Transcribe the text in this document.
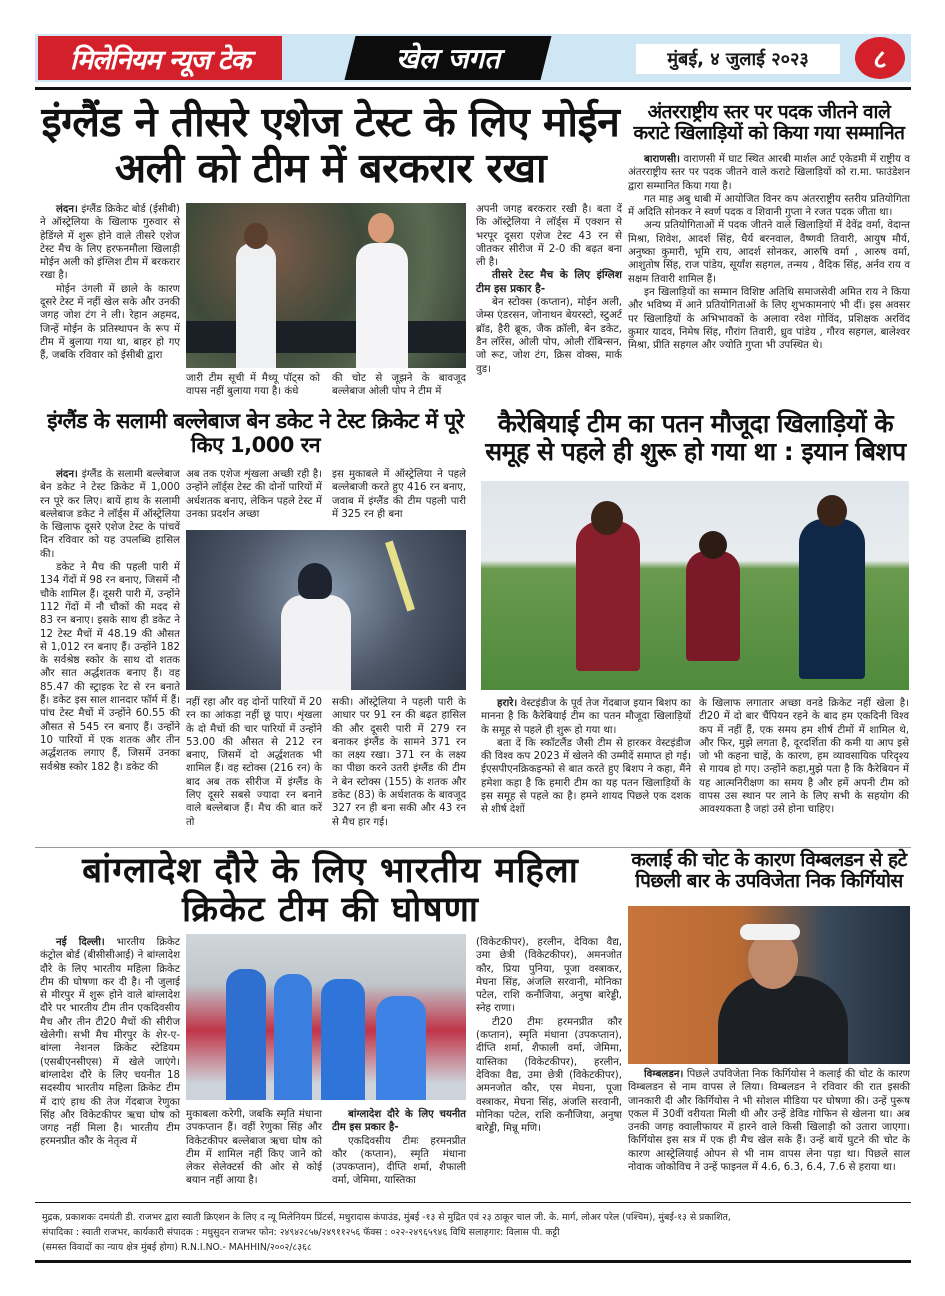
मिलेनियम न्यूज टेक	खेल जगत	मुंबई, ४ जुलाई २०२३	८
इंग्लैंड ने तीसरे एशेज टेस्ट के लिए मोईन अली को टीम में बरकरार रखा

लंदन। इंग्लैंड क्रिकेट बोर्ड (ईसीबी) ने ऑस्ट्रेलिया के खिलाफ गुरुवार से हेडिंग्ले में शुरू होने वाले तीसरे एशेज टेस्ट मैच के लिए हरफनमौला खिलाड़ी मोईन अली को इंग्लिश टीम में बरकरार रखा है।

मोईन उंगली में छाले के कारण दूसरे टेस्ट में नहीं खेल सके और उनकी जगह जोश टंग ने ली। रेहान अहमद, जिन्हें मोईन के प्रतिस्थापन के रूप में टीम में बुलाया गया था, बाहर हो गए हैं, जबकि रविवार को ईसीबी द्वारा

जारी टीम सूची में मैथ्यू पॉट्स को वापस नहीं बुलाया गया है। कंधे
की चोट से जूझने के बावजूद बल्लेबाज ओली पोप ने टीम में

अपनी जगह बरकरार रखी है। बता दें कि ऑस्ट्रेलिया ने लॉर्ड्स में एक्शन से भरपूर दूसरा एशेज टेस्ट 43 रन से जीतकर सीरीज में 2-0 की बढ़त बना ली है।

तीसरे टेस्ट मैच के लिए इंग्लिश टीम इस प्रकार है-

बेन स्टोक्स (कप्तान), मोईन अली, जेम्स एंडरसन, जोनाथन बेयरस्टो, स्टुअर्ट ब्रॉड, हैरी ब्रूक, जैक क्रॉली, बेन डकेट, डैन लॉरेंस, ओली पोप, ओली रॉबिन्सन, जो रूट, जोश टंग, क्रिस वोक्स, मार्क वुड।

अंतरराष्ट्रीय स्तर पर पदक जीतने वाले कराटे खिलाड़ियों को किया गया सम्मानित

बाराणसी। वाराणसी में घाट स्थित आरबी मार्शल आर्ट एकेडमी में राष्ट्रीय व अंतरराष्ट्रीय स्तर पर पदक जीतने वाले कराटे खिलाड़ियों को रा.मा. फाउंडेशन द्वारा सम्मानित किया गया है।

गत माह अबु धाबी में आयोजित विनर कप अंतरराष्ट्रीय स्तरीय प्रतियोगिता में अदिति सोनकर ने स्वर्ण पदक व शिवानी गुप्ता ने रजत पदक जीता था।

अन्य प्रतियोगिताओं में पदक जीतने वाले खिलाड़ियों में देवेंद्र वर्मा, वेदान्त मिश्रा, शिवेश, आदर्श सिंह, धैर्य बरनवाल, वैष्णवी तिवारी, आयुष मौर्य, अनुष्का कुमारी, भूमि राय, आदर्श सोनकर, आरुषि वर्मा , आरुष वर्मा, आशुतोष सिंह, राज पांडेय, सूर्यांश सहगल, तन्मय , वैदिक सिंह, अर्नव राय व सक्षम तिवारी शामिल हैं।

इन खिलाड़ियों का सम्मान विशिष्ट अतिथि समाजसेवी अमित राय ने किया और भविष्य में आने प्रतियोगिताओं के लिए शुभकामनाएं भी दीं। इस अवसर पर खिलाड़ियों के अभिभावकों के अलावा रवेश गोविंद, प्रशिक्षक अरविंद कुमार यादव, निमेष सिंह, गौरांग तिवारी, ध्रुव पांडेय , गौरव सहगल, बालेश्वर मिश्रा, प्रीति सहगल और ज्योति गुप्ता भी उपस्थित थे।

इंग्लैंड के सलामी बल्लेबाज बेन डकेट ने टेस्ट क्रिकेट में पूरे किए 1,000 रन

लंदन। इंग्लैंड के सलामी बल्लेबाज बेन डकेट ने टेस्ट क्रिकेट में 1,000 रन पूरे कर लिए। बायें हाथ के सलामी बल्लेबाज डकेट ने लॉर्ड्स में ऑस्ट्रेलिया के खिलाफ दूसरे एशेज टेस्ट के पांचवें दिन रविवार को यह उपलब्धि हासिल की।

डकेट ने मैच की पहली पारी में 134 गेंदों में 98 रन बनाए, जिसमें नौ चौके शामिल हैं। दूसरी पारी में, उन्होंने 112 गेंदों में नौ चौकों की मदद से 83 रन बनाए। इसके साथ ही डकेट ने 12 टेस्ट मैचों में 48.19 की औसत से 1,012 रन बनाए हैं। उन्होंने 182 के सर्वश्रेष्ठ स्कोर के साथ दो शतक और सात अर्द्धशतक बनाए हैं। वह 85.47 की स्ट्राइक रेट से रन बनाते हैं। डकेट इस साल शानदार फॉर्म में हैं। पांच टेस्ट मैचों में उन्होंने 60.55 की औसत से 545 रन बनाए हैं। उन्होंने 10 पारियों में एक शतक और तीन अर्द्धशतक लगाए हैं, जिसमें उनका सर्वश्रेष्ठ स्कोर 182 है। डकेट की

अब तक एशेज शृंखला अच्छी रही है। उन्होंने लॉर्ड्स टेस्ट की दोनों पारियों में अर्धशतक बनाए, लेकिन पहले टेस्ट में उनका प्रदर्शन अच्छा
इस मुकाबले में ऑस्ट्रेलिया ने पहले बल्लेबाजी करते हुए 416 रन बनाए, जवाब में इंग्लैंड की टीम पहली पारी में 325 रन ही बना
नहीं रहा और वह दोनों पारियों में 20 रन का आंकड़ा नहीं छू पाए। शृंखला के दो मैचों की चार पारियों में उन्होंने 53.00 की औसत से 212 रन बनाए, जिसमें दो अर्द्धशतक भी शामिल हैं। वह स्टोक्स (216 रन) के बाद अब तक सीरीज में इंग्लैंड के लिए दूसरे सबसे ज्यादा रन बनाने वाले बल्लेबाज हैं। मैच की बात करें तो
सकी। ऑस्ट्रेलिया ने पहली पारी के आधार पर 91 रन की बढ़त हासिल की और दूसरी पारी में 279 रन बनाकर इंग्लैंड के सामने 371 रन का लक्ष्य रखा। 371 रन के लक्ष्य का पीछा करने उतरी इंग्लैंड की टीम ने बेन स्टोक्स (155) के शतक और डकेट (83) के अर्धशतक के बावजूद 327 रन ही बना सकी और 43 रन से मैच हार गई।
कैरेबियाई टीम का पतन मौजूदा खिलाड़ियों के समूह से पहले ही शुरू हो गया था : इयान बिशप

हरारे। वेस्टइंडीज के पूर्व तेज गेंदबाज इयान बिशप का मानना है कि कैरेबियाई टीम का पतन मौजूदा खिलाड़ियों के समूह से पहले ही शुरू हो गया था।

बता दें कि स्कॉटलैंड जैसी टीम से हारकर वेस्टइंडीज की विश्व कप 2023 में खेलने की उम्मीदें समाप्त हो गई। ईएसपीएनक्रिकइन्फो से बात करते हुए बिशप ने कहा, मैंने हमेशा कहा है कि हमारी टीम का यह पतन खिलाड़ियों के इस समूह से पहले का है। हमने शायद पिछले एक दशक से शीर्ष देशों

के खिलाफ लगातार अच्छा वनडे क्रिकेट नहीं खेला है। टी20 में दो बार चैंपियन रहने के बाद हम एकदिनी विश्व कप में नहीं हैं, एक समय हम शीर्ष टीमों में शामिल थे, और फिर, मुझे लगता है, दूरदर्शिता की कमी या आप इसे जो भी कहना चाहें, के कारण, हम व्यावसायिक परिदृश्य से गायब हो गए। उन्होंने कहा,मुझे पता है कि कैरेबियन में यह आत्मनिरीक्षण का समय है और हमें अपनी टीम को वापस उस स्थान पर लाने के लिए सभी के सहयोग की आवश्यकता है जहां उसे होना चाहिए।
बांग्लादेश दौरे के लिए भारतीय महिला क्रिकेट टीम की घोषणा

नई दिल्ली। भारतीय क्रिकेट कंट्रोल बोर्ड (बीसीसीआई) ने बांग्लादेश दौरे के लिए भारतीय महिला क्रिकेट टीम की घोषणा कर दी है। नौ जुलाई से मीरपुर में शुरू होने वाले बांग्लादेश दौरे पर भारतीय टीम तीन एकदिवसीय मैच और तीन टी20 मैचों की सीरीज खेलेगी। सभी मैच मीरपुर के शेर-ए-बांग्ला नेशनल क्रिकेट स्टेडियम (एसबीएनसीएस) में खेले जाएंगे। बांग्लादेश दौरे के लिए चयनीत 18 सदस्यीय भारतीय महिला क्रिकेट टीम में दाएं हाथ की तेज गेंदबाज रेणुका सिंह और विकेटकीपर ऋचा घोष को जगह नहीं मिला है। भारतीय टीम हरमनप्रीत कौर के नेतृत्व में

मुकाबला करेगी, जबकि स्मृति मंधाना उपकप्तान हैं। वहीं रेणुका सिंह और विकेटकीपर बल्लेबाज ऋचा घोष को टीम में शामिल नहीं किए जाने को लेकर सेलेक्टर्स की ओर से कोई बयान नहीं आया है।

बांग्लादेश दौरे के लिए चयनीत टीम इस प्रकार है-

एकदिवसीय टीमः हरमनप्रीत कौर (कप्तान), स्मृति मंधाना (उपकप्तान), दीप्ति शर्मा, शैफाली वर्मा, जेमिमा, यास्तिका

(विकेटकीपर), हरलीन, देविका वैद्य, उमा छेत्री (विकेटकीपर), अमनजोत कौर, प्रिया पुनिया, पूजा वस्त्राकर, मेघना सिंह, अंजलि सरवानी, मोनिका पटेल, राशि कनौजिया, अनुषा बारेड्डी, स्नेह राणा।

टी20 टीमः हरमनप्रीत कौर (कप्तान), स्मृति मंधाना (उपकप्तान), दीप्ति शर्मा, शैफाली वर्मा, जेमिमा, यास्तिका (विकेटकीपर), हरलीन, देविका वैद्य, उमा छेत्री (विकेटकीपर), अमनजोत कौर, एस मेघना, पूजा वस्त्राकर, मेघना सिंह, अंजलि सरवानी, मोनिका पटेल, राशि कनौजिया, अनुषा बारेड्डी, मिन्नू मणि।

कलाई की चोट के कारण विम्बलडन से हटे पिछली बार के उपविजेता निक किर्गियोस

विम्बलडन। पिछले उपविजेता निक किर्गियोस ने कलाई की चोट के कारण विम्बलडन से नाम वापस ले लिया। विम्बलडन ने रविवार की रात इसकी जानकारी दी और किर्गियोस ने भी सोशल मीडिया पर घोषणा की। उन्हें पुरूष एकल में 30वीं वरीयता मिली थी और उन्हें डेविड गोफिन से खेलना था। अब उनकी जगह क्वालीफायर में हारने वाले किसी खिलाड़ी को उतारा जाएगा। किर्गियोस इस सत्र में एक ही मैच खेल सके हैं। उन्हें बायें घुटने की चोट के कारण आस्ट्रेलियाई ओपन से भी नाम वापस लेना पड़ा था। पिछले साल नोवाक जोकोविच ने उन्हें फाइनल में 4.6, 6.3, 6.4, 7.6 से हराया था।

मुद्रक, प्रकाशकः दमयंती डी. राजभर द्वारा स्वाती क्रिएशन के लिए द न्यू मिलेनियम प्रिंटर्स, मधुरादास कंपाउंड, मुंबई -१३ से मुद्रित एवं २३ ठाकूर चाल जी. के. मार्ग, लोअर परेल (पश्चिम), मुंबई-१३ से प्रकाशित,
संपादिका : स्वाती राजभर, कार्यकारी संपादक : मधुसुदन राजभर फोन: २४९४२८५७/२४९११२५६ फॅक्स : ०२२-२४९६५९४६ विधि सलाहगार: विलास पी. कट्टी
(समस्त विवादों का न्याय क्षेत्र मुंबई होगा) R.N.I.NO.- MAHHIN/२००२/८३६८
